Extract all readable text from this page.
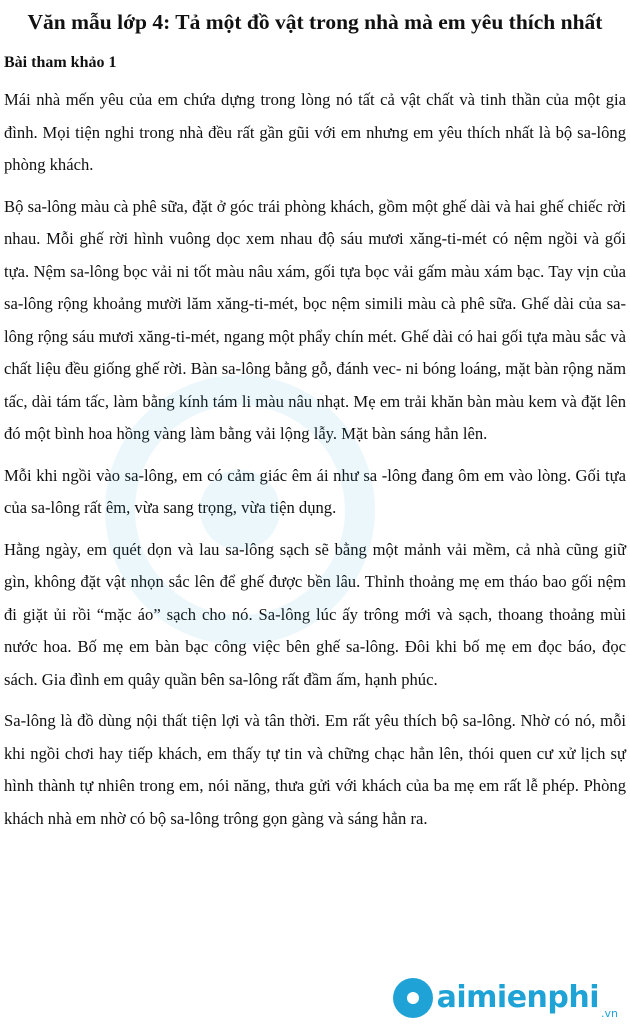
Văn mẫu lớp 4: Tả một đồ vật trong nhà mà em yêu thích nhất
Bài tham khảo 1

Mái nhà mến yêu của em chứa dựng trong lòng nó tất cả vật chất và tinh thần của một gia đình. Mọi tiện nghi trong nhà đều rất gần gũi với em nhưng em yêu thích nhất là bộ sa-lông phòng khách.

Bộ sa-lông màu cà phê sữa, đặt ở góc trái phòng khách, gồm một ghế dài và hai ghế chiếc rời nhau. Mỗi ghế rời hình vuông dọc xem nhau độ sáu mươi xăng-ti-mét có nệm ngồi và gối tựa. Nệm sa-lông bọc vải ni tốt màu nâu xám, gối tựa bọc vải gấm màu xám bạc. Tay vịn của sa-lông rộng khoảng mười lăm xăng-ti-mét, bọc nệm simili màu cà phê sữa. Ghế dài của sa-lông rộng sáu mươi xăng-ti-mét, ngang một phẩy chín mét. Ghế dài có hai gối tựa màu sắc và chất liệu đều giống ghế rời. Bàn sa-lông bằng gỗ, đánh vec- ni bóng loáng, mặt bàn rộng năm tấc, dài tám tấc, làm bằng kính tám li màu nâu nhạt. Mẹ em trải khăn bàn màu kem và đặt lên đó một bình hoa hồng vàng làm bằng vải lộng lẫy. Mặt bàn sáng hẳn lên.

Mỗi khi ngồi vào sa-lông, em có cảm giác êm ái như sa -lông đang ôm em vào lòng. Gối tựa của sa-lông rất êm, vừa sang trọng, vừa tiện dụng.

Hằng ngày, em quét dọn và lau sa-lông sạch sẽ bằng một mảnh vải mềm, cả nhà cũng giữ gìn, không đặt vật nhọn sắc lên để ghế được bền lâu. Thỉnh thoảng mẹ em tháo bao gối nệm đi giặt ủi rồi “mặc áo” sạch cho nó. Sa-lông lúc ấy trông mới và sạch, thoang thoảng mùi nước hoa. Bố mẹ em bàn bạc công việc bên ghế sa-lông. Đôi khi bố mẹ em đọc báo, đọc sách. Gia đình em quây quần bên sa-lông rất đầm ấm, hạnh phúc.

Sa-lông là đồ dùng nội thất tiện lợi và tân thời. Em rất yêu thích bộ sa-lông. Nhờ có nó, mỗi khi ngồi chơi hay tiếp khách, em thấy tự tin và chững chạc hẳn lên, thói quen cư xử lịch sự hình thành tự nhiên trong em, nói năng, thưa gửi với khách của ba mẹ em rất lễ phép. Phòng khách nhà em nhờ có bộ sa-lông trông gọn gàng và sáng hẳn ra.

aimienphi .vn
